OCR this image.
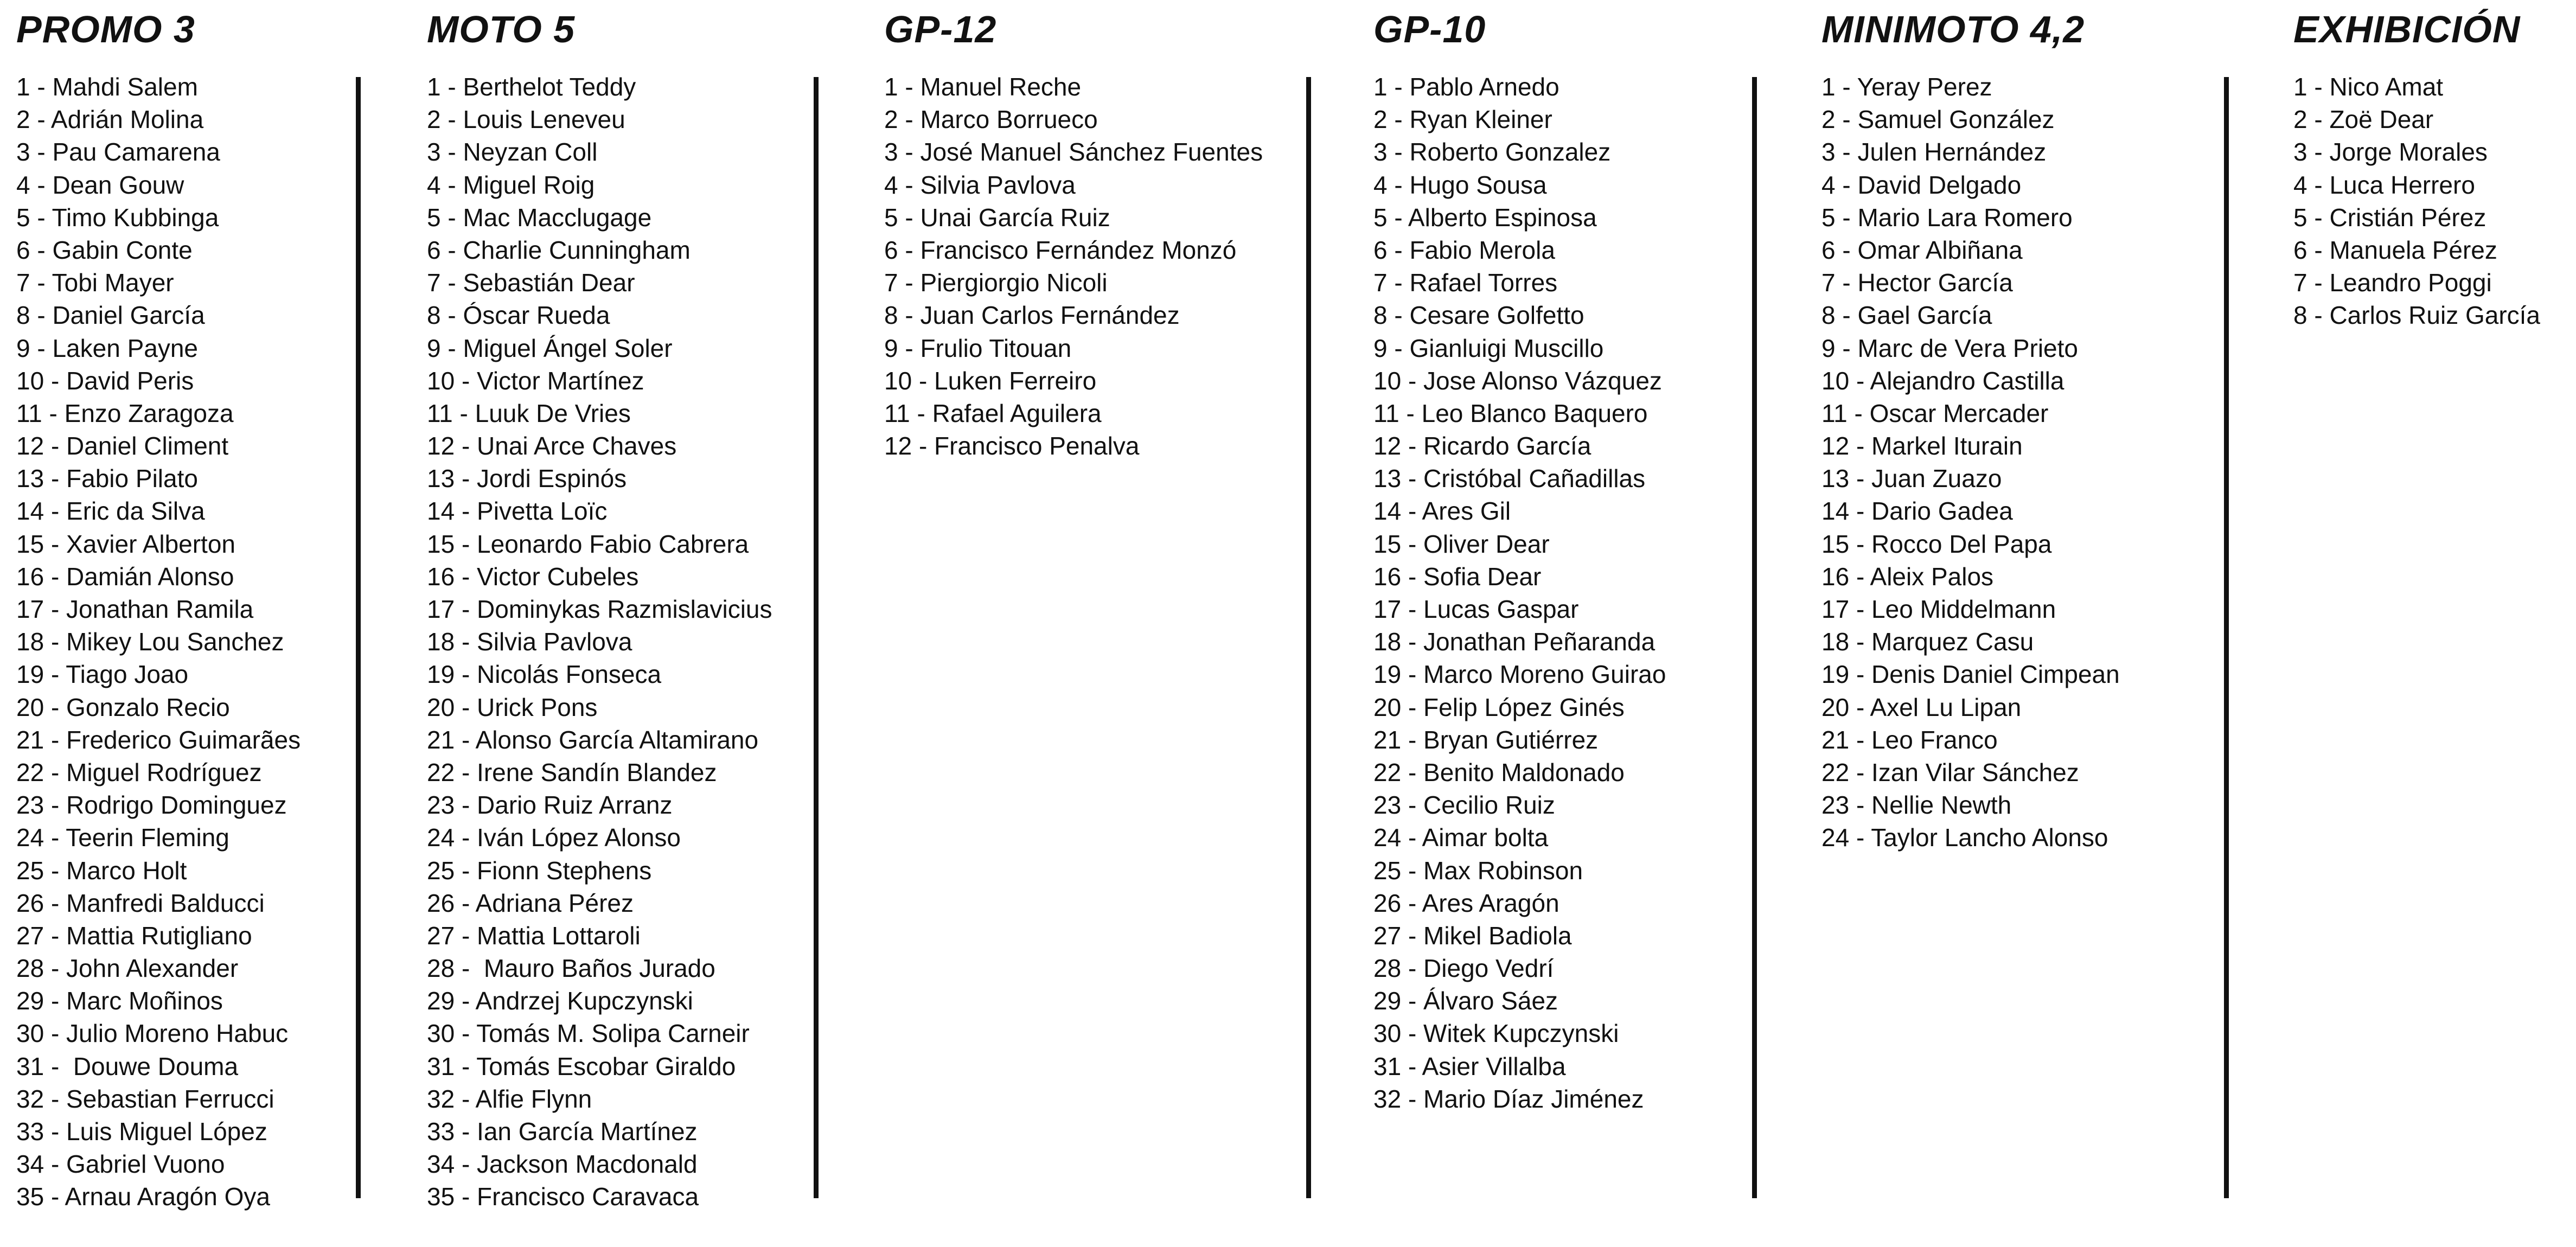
PROMO 3
1 - Mahdi Salem
2 - Adrián Molina
3 - Pau Camarena
4 - Dean Gouw
5 - Timo Kubbinga
6 - Gabin Conte
7 - Tobi Mayer
8 - Daniel García
9 - Laken Payne
10 - David Peris
11 - Enzo Zaragoza
12 - Daniel Climent
13 - Fabio Pilato
14 - Eric da Silva
15 - Xavier Alberton
16 - Damián Alonso
17 - Jonathan Ramila
18 - Mikey Lou Sanchez
19 - Tiago Joao
20 - Gonzalo Recio
21 - Frederico Guimarães
22 - Miguel Rodríguez
23 - Rodrigo Dominguez
24 - Teerin Fleming
25 - Marco Holt
26 - Manfredi Balducci
27 - Mattia Rutigliano
28 - John Alexander
29 - Marc Moñinos
30 - Julio Moreno Habuc
31 -  Douwe Douma
32 - Sebastian Ferrucci
33 - Luis Miguel López
34 - Gabriel Vuono
35 - Arnau Aragón Oya
MOTO 5
1 - Berthelot Teddy
2 - Louis Leneveu
3 - Neyzan Coll
4 - Miguel Roig
5 - Mac Macclugage
6 - Charlie Cunningham
7 - Sebastián Dear
8 - Óscar Rueda
9 - Miguel Ángel Soler
10 - Victor Martínez
11 - Luuk De Vries
12 - Unai Arce Chaves
13 - Jordi Espinós
14 - Pivetta Loïc
15 - Leonardo Fabio Cabrera
16 - Victor Cubeles
17 - Dominykas Razmislavicius
18 - Silvia Pavlova
19 - Nicolás Fonseca
20 - Urick Pons
21 - Alonso García Altamirano
22 - Irene Sandín Blandez
23 - Dario Ruiz Arranz
24 - Iván López Alonso
25 - Fionn Stephens
26 - Adriana Pérez
27 - Mattia Lottaroli
28 -  Mauro Baños Jurado
29 - Andrzej Kupczynski
30 - Tomás M. Solipa Carneir
31 - Tomás Escobar Giraldo
32 - Alfie Flynn
33 - Ian García Martínez
34 - Jackson Macdonald
35 - Francisco Caravaca
GP-12
1 - Manuel Reche
2 - Marco Borrueco
3 - José Manuel Sánchez Fuentes
4 - Silvia Pavlova
5 - Unai García Ruiz
6 - Francisco Fernández Monzó
7 - Piergiorgio Nicoli
8 - Juan Carlos Fernández
9 - Frulio Titouan
10 - Luken Ferreiro
11 - Rafael Aguilera
12 - Francisco Penalva
GP-10
1 - Pablo Arnedo
2 - Ryan Kleiner
3 - Roberto Gonzalez
4 - Hugo Sousa
5 - Alberto Espinosa
6 - Fabio Merola
7 - Rafael Torres
8 - Cesare Golfetto
9 - Gianluigi Muscillo
10 - Jose Alonso Vázquez
11 - Leo Blanco Baquero
12 - Ricardo García
13 - Cristóbal Cañadillas
14 - Ares Gil
15 - Oliver Dear
16 - Sofia Dear
17 - Lucas Gaspar
18 - Jonathan Peñaranda
19 - Marco Moreno Guirao
20 - Felip López Ginés
21 - Bryan Gutiérrez
22 - Benito Maldonado
23 - Cecilio Ruiz
24 - Aimar bolta
25 - Max Robinson
26 - Ares Aragón
27 - Mikel Badiola
28 - Diego Vedrí
29 - Álvaro Sáez
30 - Witek Kupczynski
31 - Asier Villalba
32 - Mario Díaz Jiménez
MINIMOTO 4,2
1 - Yeray Perez
2 - Samuel González
3 - Julen Hernández
4 - David Delgado
5 - Mario Lara Romero
6 - Omar Albiñana
7 - Hector García
8 - Gael García
9 - Marc de Vera Prieto
10 - Alejandro Castilla
11 - Oscar Mercader
12 - Markel Iturain
13 - Juan Zuazo
14 - Dario Gadea
15 - Rocco Del Papa
16 - Aleix Palos
17 - Leo Middelmann
18 - Marquez Casu
19 - Denis Daniel Cimpean
20 - Axel Lu Lipan
21 - Leo Franco
22 - Izan Vilar Sánchez
23 - Nellie Newth
24 - Taylor Lancho Alonso
EXHIBICIÓN
1 - Nico Amat
2 - Zoë Dear
3 - Jorge Morales
4 - Luca Herrero
5 - Cristián Pérez
6 - Manuela Pérez
7 - Leandro Poggi
8 - Carlos Ruiz García
